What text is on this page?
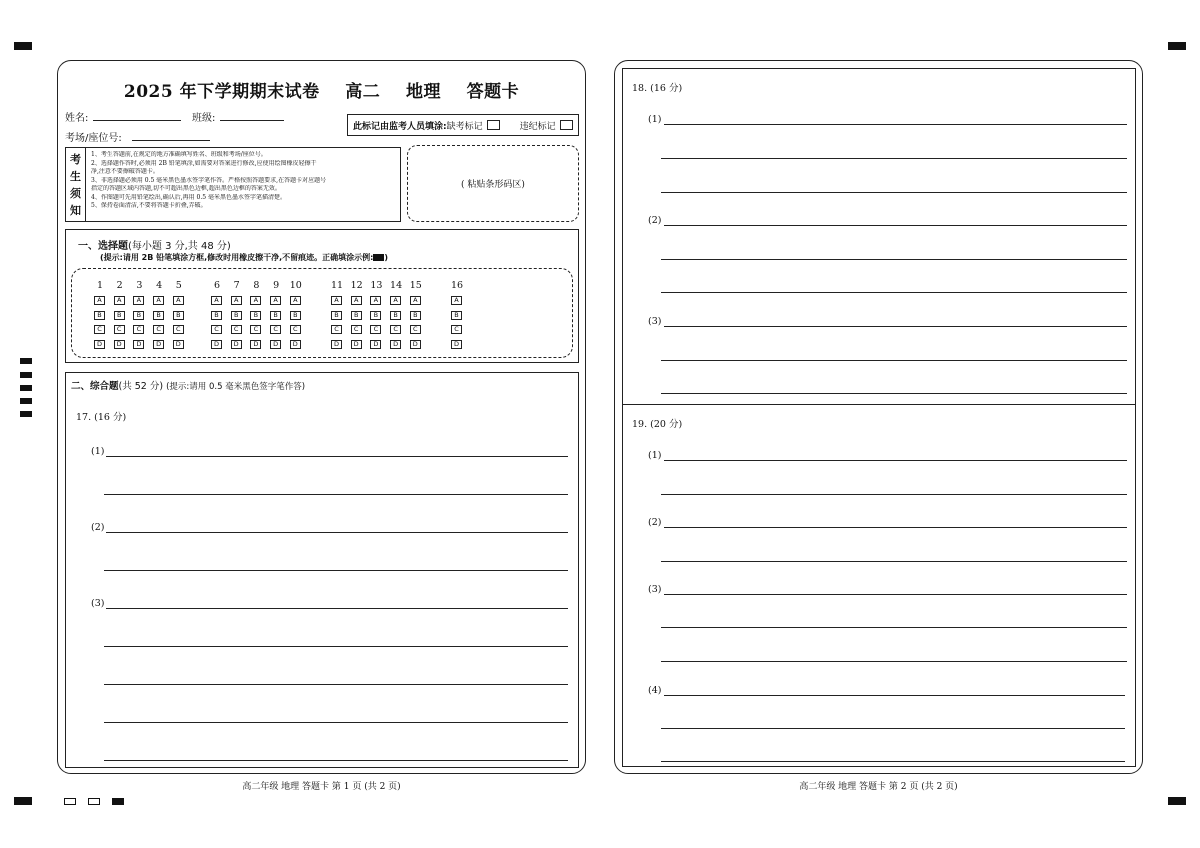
2025 年下学期期末试卷    高二    地理    答题卡
姓名:	班级:
考场/座位号:
此标记由监考人员填涂: 缺考标记	违纪标记
考
生
须
知
1、考生答题前,在规定的地方准确填写姓名、班级和考场/座位号。
2、选择题作答时,必须用 2B 铅笔填涂,如需要对答案进行修改,应使用绘图橡皮轻擦干
净,注意不要擦破答题卡。
3、非选择题必须用 0.5 毫米黑色墨水签字笔作答。严格按照答题要求,在答题卡对应题号
指定的答题区域内答题,切不可超出黑色边框,超出黑色边框的答案无效。
4、作图题可先用铅笔绘出,确认后,再用 0.5 毫米黑色墨水签字笔描清楚。
5、保持卷面清洁,不要将答题卡折叠,弄破。
( 粘贴条形码区)
一、选择题(每小题 3 分,共 48 分)
(提示:请用 2B 铅笔填涂方框,修改时用橡皮擦干净,不留痕迹。正确填涂示例: )
1
A
B
C
D
2
A
B
C
D
3
A
B
C
D
4
A
B
C
D
5
A
B
C
D
6
A
B
C
D
7
A
B
C
D
8
A
B
C
D
9
A
B
C
D
10
A
B
C
D
11
A
B
C
D
12
A
B
C
D
13
A
B
C
D
14
A
B
C
D
15
A
B
C
D
16
A
B
C
D
二、综合题(共 52 分) (提示:请用 0.5 毫米黑色签字笔作答)
17. (16 分)
(1)
(2)
(3)
高二年级 地理 答题卡 第 1 页 (共 2 页)
18. (16 分)
(1)
(2)
(3)
19. (20 分)
(1)
(2)
(3)
(4)
高二年级 地理 答题卡 第 2 页 (共 2 页)
